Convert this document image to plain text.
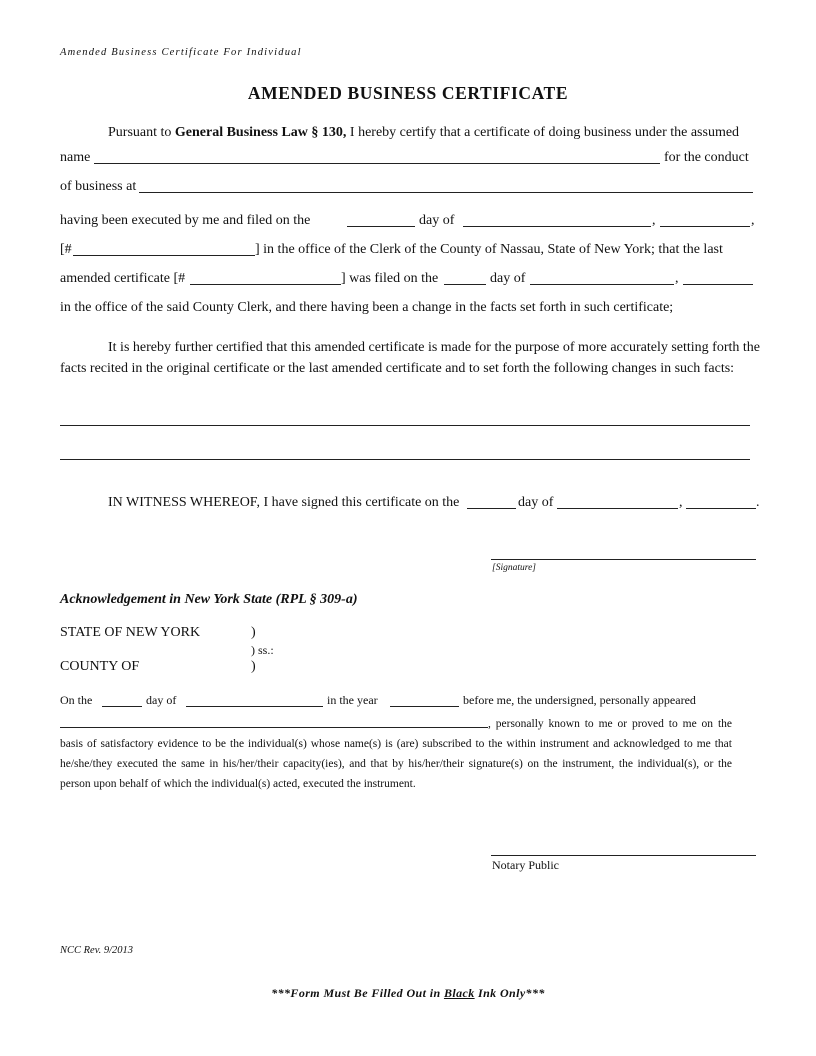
Amended Business Certificate For Individual
AMENDED BUSINESS CERTIFICATE
Pursuant to General Business Law § 130, I hereby certify that a certificate of doing business under the assumed
name	for the conduct
of business at
having been executed by me and filed on the	day of	,	,
[#	] in the office of the Clerk of the County of Nassau, State of New York; that the last
amended certificate [#	] was filed on the	day of	,
in the office of the said County Clerk, and there having been a change in the facts set forth in such certificate;
It is hereby further certified that this amended certificate is made for the purpose of more accurately setting forth the facts recited in the original certificate or the last amended certificate and to set forth the following changes in such facts:
IN WITNESS WHEREOF, I have signed this certificate on the	day of	,	.
[Signature]
Acknowledgement in New York State (RPL § 309-a)
STATE OF NEW YORK	)
) ss.:
COUNTY OF	)
On the	day of	in the year	before me, the undersigned, personally appeared
, personally known to me or proved to me on the basis of satisfactory evidence to be the individual(s) whose name(s) is (are) subscribed to the within instrument and acknowledged to me that he/she/they executed the same in his/her/their capacity(ies), and that by his/her/their signature(s) on the instrument, the individual(s), or the person upon behalf of which the individual(s) acted, executed the instrument.
Notary Public
NCC Rev. 9/2013
***Form Must Be Filled Out in Black Ink Only***
